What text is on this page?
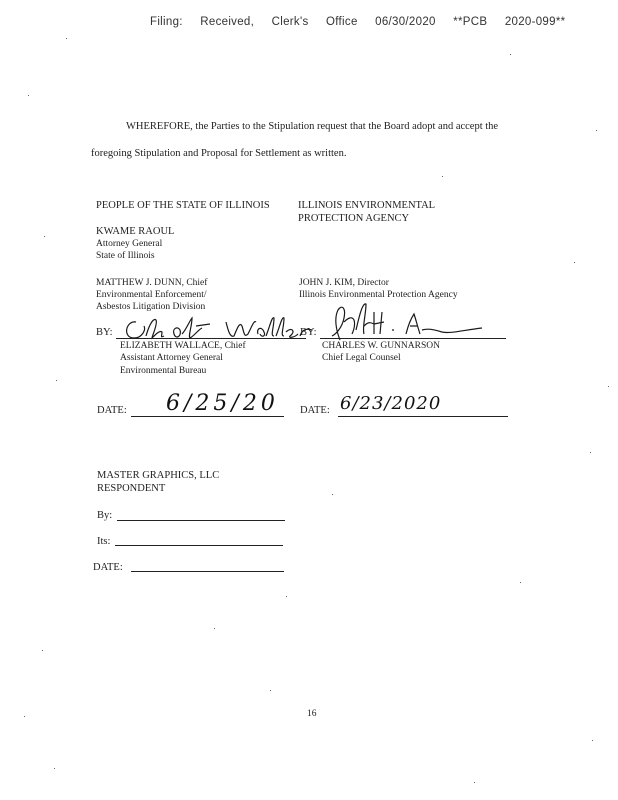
Filing: Received, Clerk's Office 06/30/2020 **PCB 2020-099**
WHEREFORE, the Parties to the Stipulation request that the Board adopt and accept the
foregoing Stipulation and Proposal for Settlement as written.
PEOPLE OF THE STATE OF ILLINOIS
KWAME RAOUL
Attorney General
State of Illinois
MATTHEW J. DUNN, Chief
Environmental Enforcement/
Asbestos Litigation Division
BY:
ELIZABETH WALLACE, Chief
Assistant Attorney General
Environmental Bureau
DATE: 6/25/20
ILLINOIS ENVIRONMENTAL
PROTECTION AGENCY
JOHN J. KIM, Director
Illinois Environmental Protection Agency
BY:
CHARLES W. GUNNARSON
Chief Legal Counsel
DATE: 6/23/2020
MASTER GRAPHICS, LLC
RESPONDENT
By:
Its:
DATE:
16
